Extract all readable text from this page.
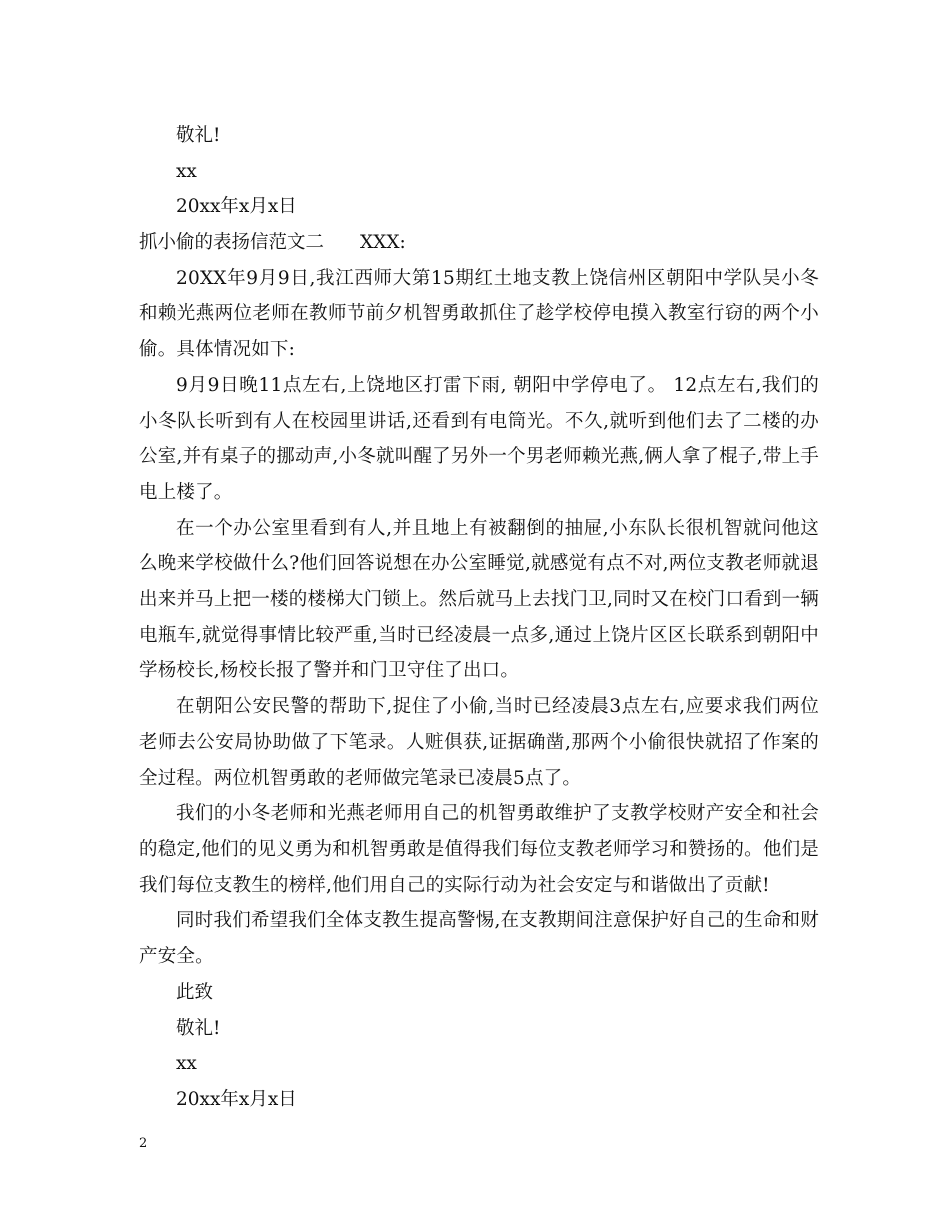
敬礼!
xx
20xx年x月x日
抓小偷的表扬信范文二 XXX:
20XX年9月9日,我江西师大第15期红土地支教上饶信州区朝阳中学队吴小冬和赖光燕两位老师在教师节前夕机智勇敢抓住了趁学校停电摸入教室行窃的两个小偷。具体情况如下:
9月9日晚11点左右,上饶地区打雷下雨, 朝阳中学停电了。 12点左右,我们的小冬队长听到有人在校园里讲话,还看到有电筒光。不久,就听到他们去了二楼的办公室,并有桌子的挪动声,小冬就叫醒了另外一个男老师赖光燕,俩人拿了棍子,带上手电上楼了。
在一个办公室里看到有人,并且地上有被翻倒的抽屉,小东队长很机智就问他这么晚来学校做什么?他们回答说想在办公室睡觉,就感觉有点不对,两位支教老师就退出来并马上把一楼的楼梯大门锁上。然后就马上去找门卫,同时又在校门口看到一辆电瓶车,就觉得事情比较严重,当时已经凌晨一点多,通过上饶片区区长联系到朝阳中学杨校长,杨校长报了警并和门卫守住了出口。
在朝阳公安民警的帮助下,捉住了小偷,当时已经凌晨3点左右,应要求我们两位老师去公安局协助做了下笔录。人赃俱获,证据确凿,那两个小偷很快就招了作案的全过程。两位机智勇敢的老师做完笔录已凌晨5点了。
我们的小冬老师和光燕老师用自己的机智勇敢维护了支教学校财产安全和社会的稳定,他们的见义勇为和机智勇敢是值得我们每位支教老师学习和赞扬的。他们是我们每位支教生的榜样,他们用自己的实际行动为社会安定与和谐做出了贡献!
同时我们希望我们全体支教生提高警惕,在支教期间注意保护好自己的生命和财产安全。
此致
敬礼!
xx
20xx年x月x日
2
